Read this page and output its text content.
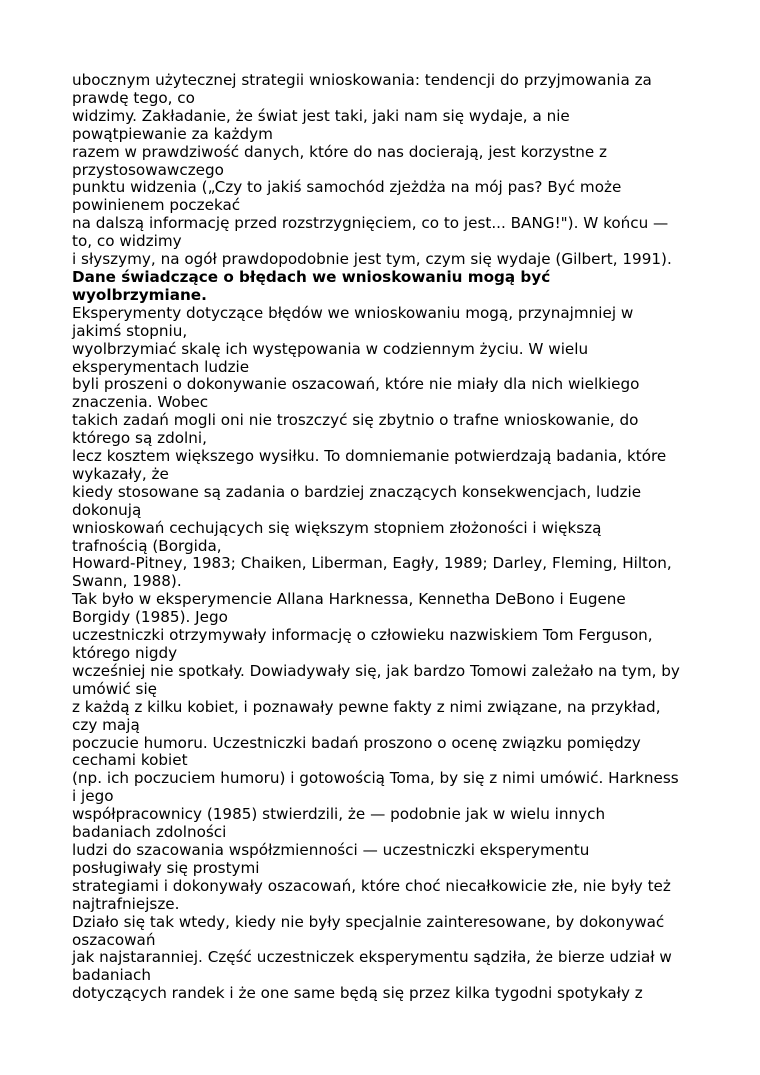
ubocznym użytecznej strategii wnioskowania: tendencji do przyjmowania za
prawdę tego, co
widzimy. Zakładanie, że świat jest taki, jaki nam się wydaje, a nie
powątpiewanie za każdym
razem w prawdziwość danych, które do nas docierają, jest korzystne z
przystosowawczego
punktu widzenia („Czy to jakiś samochód zjeżdża na mój pas? Być może
powinienem poczekać
na dalszą informację przed rozstrzygnięciem, co to jest... BANG!"). W końcu —
to, co widzimy
i słyszymy, na ogół prawdopodobnie jest tym, czym się wydaje (Gilbert, 1991).
Dane świadczące o błędach we wnioskowaniu mogą być
wyolbrzymiane.
Eksperymenty dotyczące błędów we wnioskowaniu mogą, przynajmniej w
jakimś stopniu,
wyolbrzymiać skalę ich występowania w codziennym życiu. W wielu
eksperymentach ludzie
byli proszeni o dokonywanie oszacowań, które nie miały dla nich wielkiego
znaczenia. Wobec
takich zadań mogli oni nie troszczyć się zbytnio o trafne wnioskowanie, do
którego są zdolni,
lecz kosztem większego wysiłku. To domniemanie potwierdzają badania, które
wykazały, że
kiedy stosowane są zadania o bardziej znaczących konsekwencjach, ludzie
dokonują
wnioskowań cechujących się większym stopniem złożoności i większą
trafnością (Borgida,
Howard-Pitney, 1983; Chaiken, Liberman, Eagły, 1989; Darley, Fleming, Hilton,
Swann, 1988).
Tak było w eksperymencie Allana Harknessa, Kennetha DeBono i Eugene
Borgidy (1985). Jego
uczestniczki otrzymywały informację o człowieku nazwiskiem Tom Ferguson,
którego nigdy
wcześniej nie spotkały. Dowiadywały się, jak bardzo Tomowi zależało na tym, by
umówić się
z każdą z kilku kobiet, i poznawały pewne fakty z nimi związane, na przykład,
czy mają
poczucie humoru. Uczestniczki badań proszono o ocenę związku pomiędzy
cechami kobiet
(np. ich poczuciem humoru) i gotowością Toma, by się z nimi umówić. Harkness
i jego
współpracownicy (1985) stwierdzili, że — podobnie jak w wielu innych
badaniach zdolności
ludzi do szacowania współzmienności — uczestniczki eksperymentu
posługiwały się prostymi
strategiami i dokonywały oszacowań, które choć niecałkowicie złe, nie były też
najtrafniejsze.
Działo się tak wtedy, kiedy nie były specjalnie zainteresowane, by dokonywać
oszacowań
jak najstaranniej. Część uczestniczek eksperymentu sądziła, że bierze udział w
badaniach
dotyczących randek i że one same będą się przez kilka tygodni spotykały z
